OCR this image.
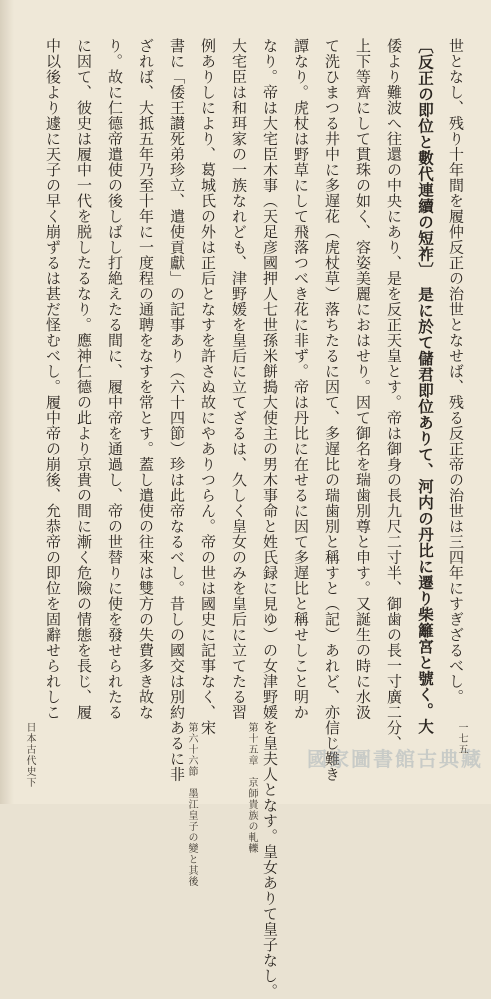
世となし、残り十年間を履仲反正の治世となせば、残る反正帝の治世は三四年にすぎざるべし。
〔反正の即位と數代連續の短祚〕　是に於て儲君即位ありて、河内の丹比に遷り柴籬宮と號く。大
倭より難波へ往還の中央にあり、是を反正天皇とす。帝は御身の長九尺二寸半、御歯の長一寸廣二分、
上下等齊にして貫珠の如く、容姿美麗におはせり。因て御名を瑞歯別尊と申す。又誕生の時に水汲
て洗ひまつる井中に多遅花（虎杖草）落ちたるに因て、多遅比の瑞歯別と稱すと（記）あれど、亦信じ難き
譚なり。虎杖は野草にして飛落つべき花に非ず。帝は丹比に在せるに因て多遅比と稱せしこと明か
なり。帝は大宅臣木事（天足彦國押人七世孫米餅搗大使主の男木事命と姓氏録に見ゆ）の女津野媛を皇夫人となす。皇女ありて皇子なし。
大宅臣は和珥家の一族なれども、津野媛を皇后に立てざるは、久しく皇女のみを皇后に立てたる習
例ありしにより、葛城氏の外は正后となすを許さぬ故にやありつらん。帝の世は國史に記事なく、宋
書に「倭王讃死弟珍立、遣使貢獻」の記事あり（六十四節）珍は此帝なるべし。昔しの國交は別約あるに非
ざれば、大抵五年乃至十年に一度程の通聘をなすを常とす。蓋し遣使の往來は雙方の失費多き故な
り。故に仁德帝遣使の後しばし打絶えたる間に、履中帝を通過し、帝の世替りに使を發せられたる
に因て、彼史は履中一代を脱したるなり。應神仁德の此より京貴の間に漸く危險の情態を長じ、履
中以後より遽に天子の早く崩ずるは甚だ怪むべし。履中帝の崩後、允恭帝の即位を固辭せられしこ
日本古代史下	第十五章　京師貴族の軋轢
第六十六節　墨江皇子の變と其後	一七五
國家圖書館古典藏
